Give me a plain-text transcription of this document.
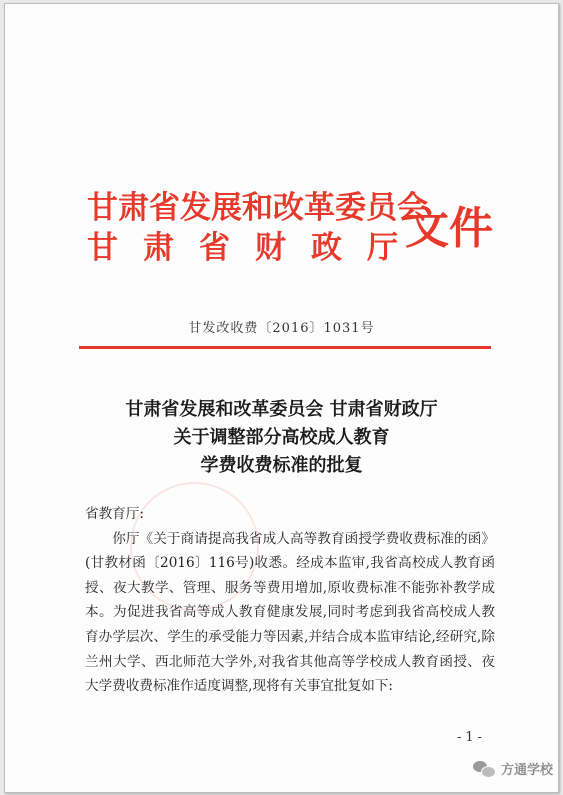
甘肃省发展和改革委员会
甘肃省财政厅
文件
甘发改收费〔2016〕1031号
甘肃省发展和改革委员会 甘肃省财政厅
关于调整部分高校成人教育
学费收费标准的批复
省教育厅:

你厅《关于商请提高我省成人高等教育函授学费收费标准的函》(甘教材函〔2016〕116号)收悉。经成本监审,我省高校成人教育函授、夜大教学、管理、服务等费用增加,原收费标准不能弥补教学成本。为促进我省高等成人教育健康发展,同时考虑到我省高校成人教育办学层次、学生的承受能力等因素,并结合成本监审结论,经研究,除兰州大学、西北师范大学外,对我省其他高等学校成人教育函授、夜大学费收费标准作适度调整,现将有关事宜批复如下:

-1-
方通学校
